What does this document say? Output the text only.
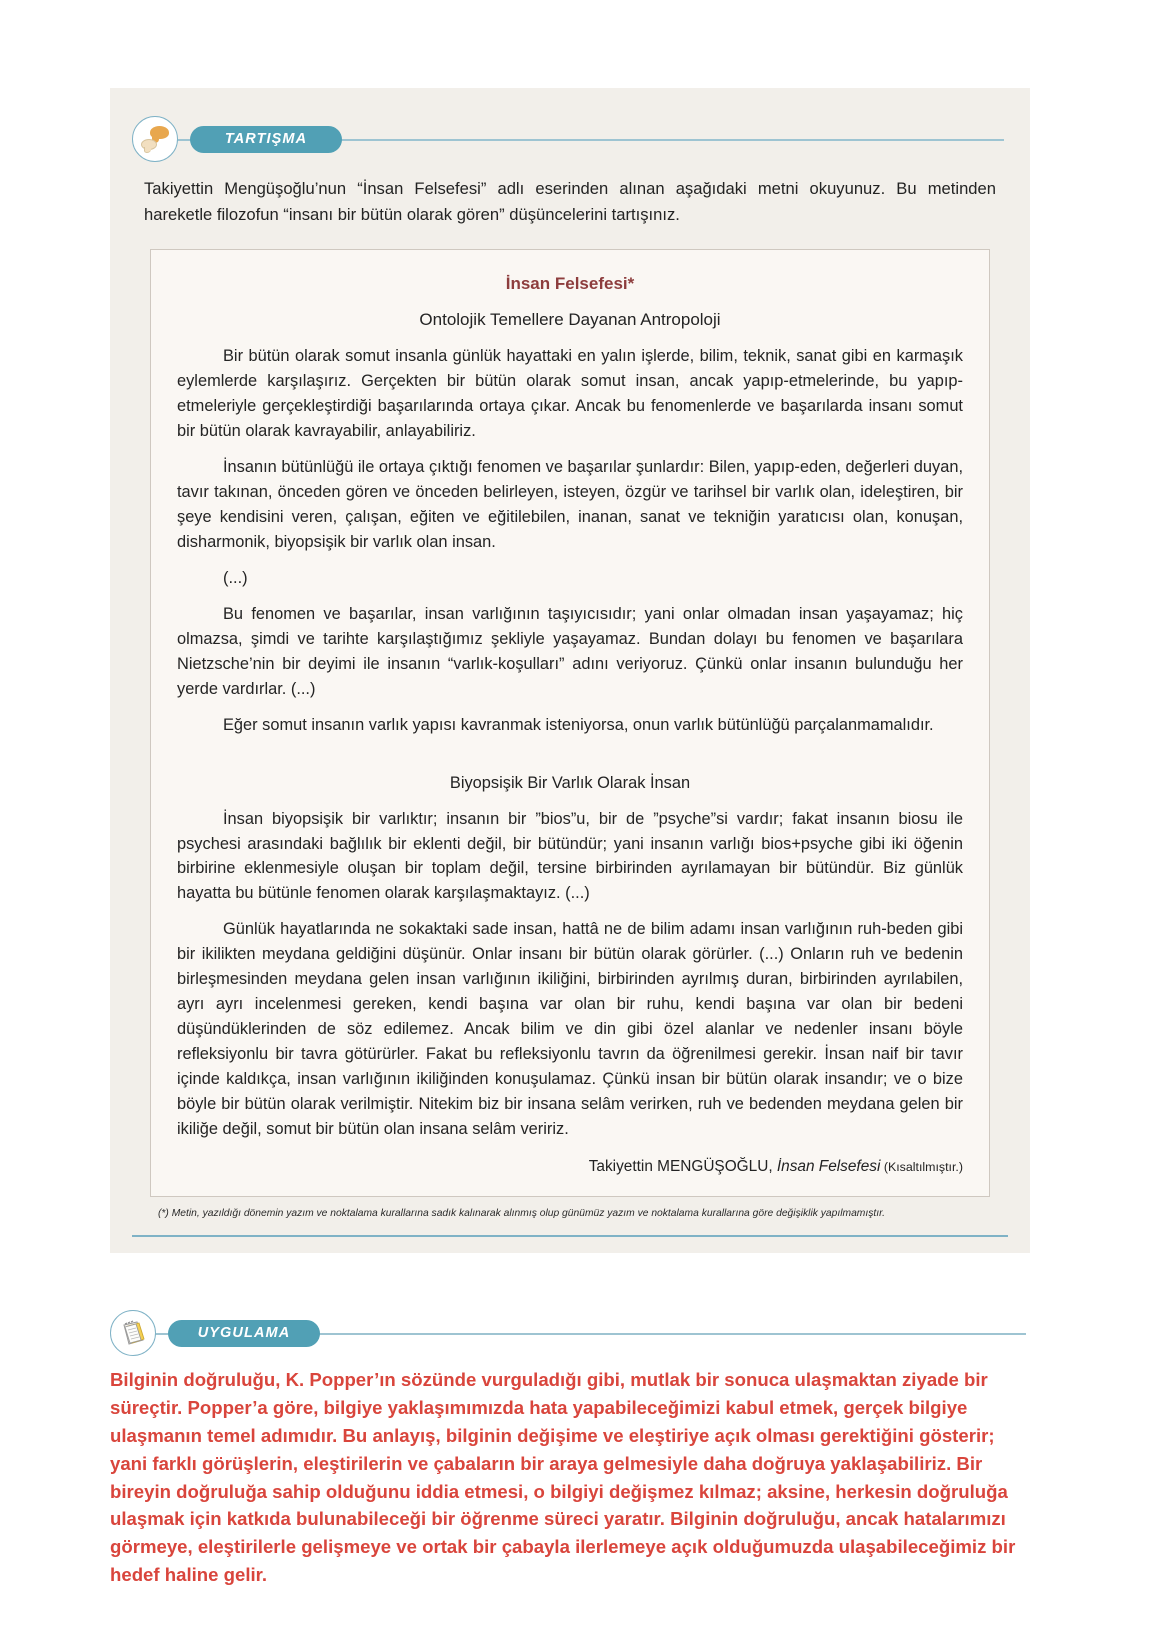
TARTIŞMA

Takiyettin Mengüşoğlu’nun “İnsan Felsefesi” adlı eserinden alınan aşağıdaki metni okuyunuz. Bu metinden hareketle filozofun “insanı bir bütün olarak gören” düşüncelerini tartışınız.

İnsan Felsefesi*
Ontolojik Temellere Dayanan Antropoloji

Bir bütün olarak somut insanla günlük hayattaki en yalın işlerde, bilim, teknik, sanat gibi en karmaşık eylemlerde karşılaşırız. Gerçekten bir bütün olarak somut insan, ancak yapıp-etmelerinde, bu yapıp-etmeleriyle gerçekleştirdiği başarılarında ortaya çıkar. Ancak bu fenomenlerde ve başarılarda insanı somut bir bütün olarak kavrayabilir, anlayabiliriz.

İnsanın bütünlüğü ile ortaya çıktığı fenomen ve başarılar şunlardır: Bilen, yapıp-eden, değerleri duyan, tavır takınan, önceden gören ve önceden belirleyen, isteyen, özgür ve tarihsel bir varlık olan, ideleştiren, bir şeye kendisini veren, çalışan, eğiten ve eğitilebilen, inanan, sanat ve tekniğin yaratıcısı olan, konuşan, disharmonik, biyopsişik bir varlık olan insan.

(...)

Bu fenomen ve başarılar, insan varlığının taşıyıcısıdır; yani onlar olmadan insan yaşayamaz; hiç olmazsa, şimdi ve tarihte karşılaştığımız şekliyle yaşayamaz. Bundan dolayı bu fenomen ve başarılara Nietzsche’nin bir deyimi ile insanın “varlık-koşulları” adını veriyoruz. Çünkü onlar insanın bulunduğu her yerde vardırlar. (...)

Eğer somut insanın varlık yapısı kavranmak isteniyorsa, onun varlık bütünlüğü parçalanmamalıdır.

Biyopsişik Bir Varlık Olarak İnsan

İnsan biyopsişik bir varlıktır; insanın bir ”bios”u, bir de ”psyche”si vardır; fakat insanın biosu ile psychesi arasındaki bağlılık bir eklenti değil, bir bütündür; yani insanın varlığı bios+psyche gibi iki öğenin birbirine eklenmesiyle oluşan bir toplam değil, tersine birbirinden ayrılamayan bir bütündür. Biz günlük hayatta bu bütünle fenomen olarak karşılaşmaktayız. (...)

Günlük hayatlarında ne sokaktaki sade insan, hattâ ne de bilim adamı insan varlığının ruh-beden gibi bir ikilikten meydana geldiğini düşünür. Onlar insanı bir bütün olarak görürler. (...) Onların ruh ve bedenin birleşmesinden meydana gelen insan varlığının ikiliğini, birbirinden ayrılmış duran, birbirinden ayrılabilen, ayrı ayrı incelenmesi gereken, kendi başına var olan bir ruhu, kendi başına var olan bir bedeni düşündüklerinden de söz edilemez. Ancak bilim ve din gibi özel alanlar ve nedenler insanı böyle refleksiyonlu bir tavra götürürler. Fakat bu refleksiyonlu tavrın da öğrenilmesi gerekir. İnsan naif bir tavır içinde kaldıkça, insan varlığının ikiliğinden konuşulamaz. Çünkü insan bir bütün olarak insandır; ve o bize böyle bir bütün olarak verilmiştir. Nitekim biz bir insana selâm verirken, ruh ve bedenden meydana gelen bir ikiliğe değil, somut bir bütün olan insana selâm veririz.

Takiyettin MENGÜŞOĞLU, İnsan Felsefesi (Kısaltılmıştır.)
(*) Metin, yazıldığı dönemin yazım ve noktalama kurallarına sadık kalınarak alınmış olup günümüz yazım ve noktalama kurallarına göre değişiklik yapılmamıştır.
UYGULAMA

Bilginin doğruluğu, K. Popper’ın sözünde vurguladığı gibi, mutlak bir sonuca ulaşmaktan ziyade bir süreçtir. Popper’a göre, bilgiye yaklaşımımızda hata yapabileceğimizi kabul etmek, gerçek bilgiye ulaşmanın temel adımıdır. Bu anlayış, bilginin değişime ve eleştiriye açık olması gerektiğini gösterir; yani farklı görüşlerin, eleştirilerin ve çabaların bir araya gelmesiyle daha doğruya yaklaşabiliriz. Bir bireyin doğruluğa sahip olduğunu iddia etmesi, o bilgiyi değişmez kılmaz; aksine, herkesin doğruluğa ulaşmak için katkıda bulunabileceği bir öğrenme süreci yaratır. Bilginin doğruluğu, ancak hatalarımızı görmeye, eleştirilerle gelişmeye ve ortak bir çabayla ilerlemeye açık olduğumuzda ulaşabileceğimiz bir hedef haline gelir.
